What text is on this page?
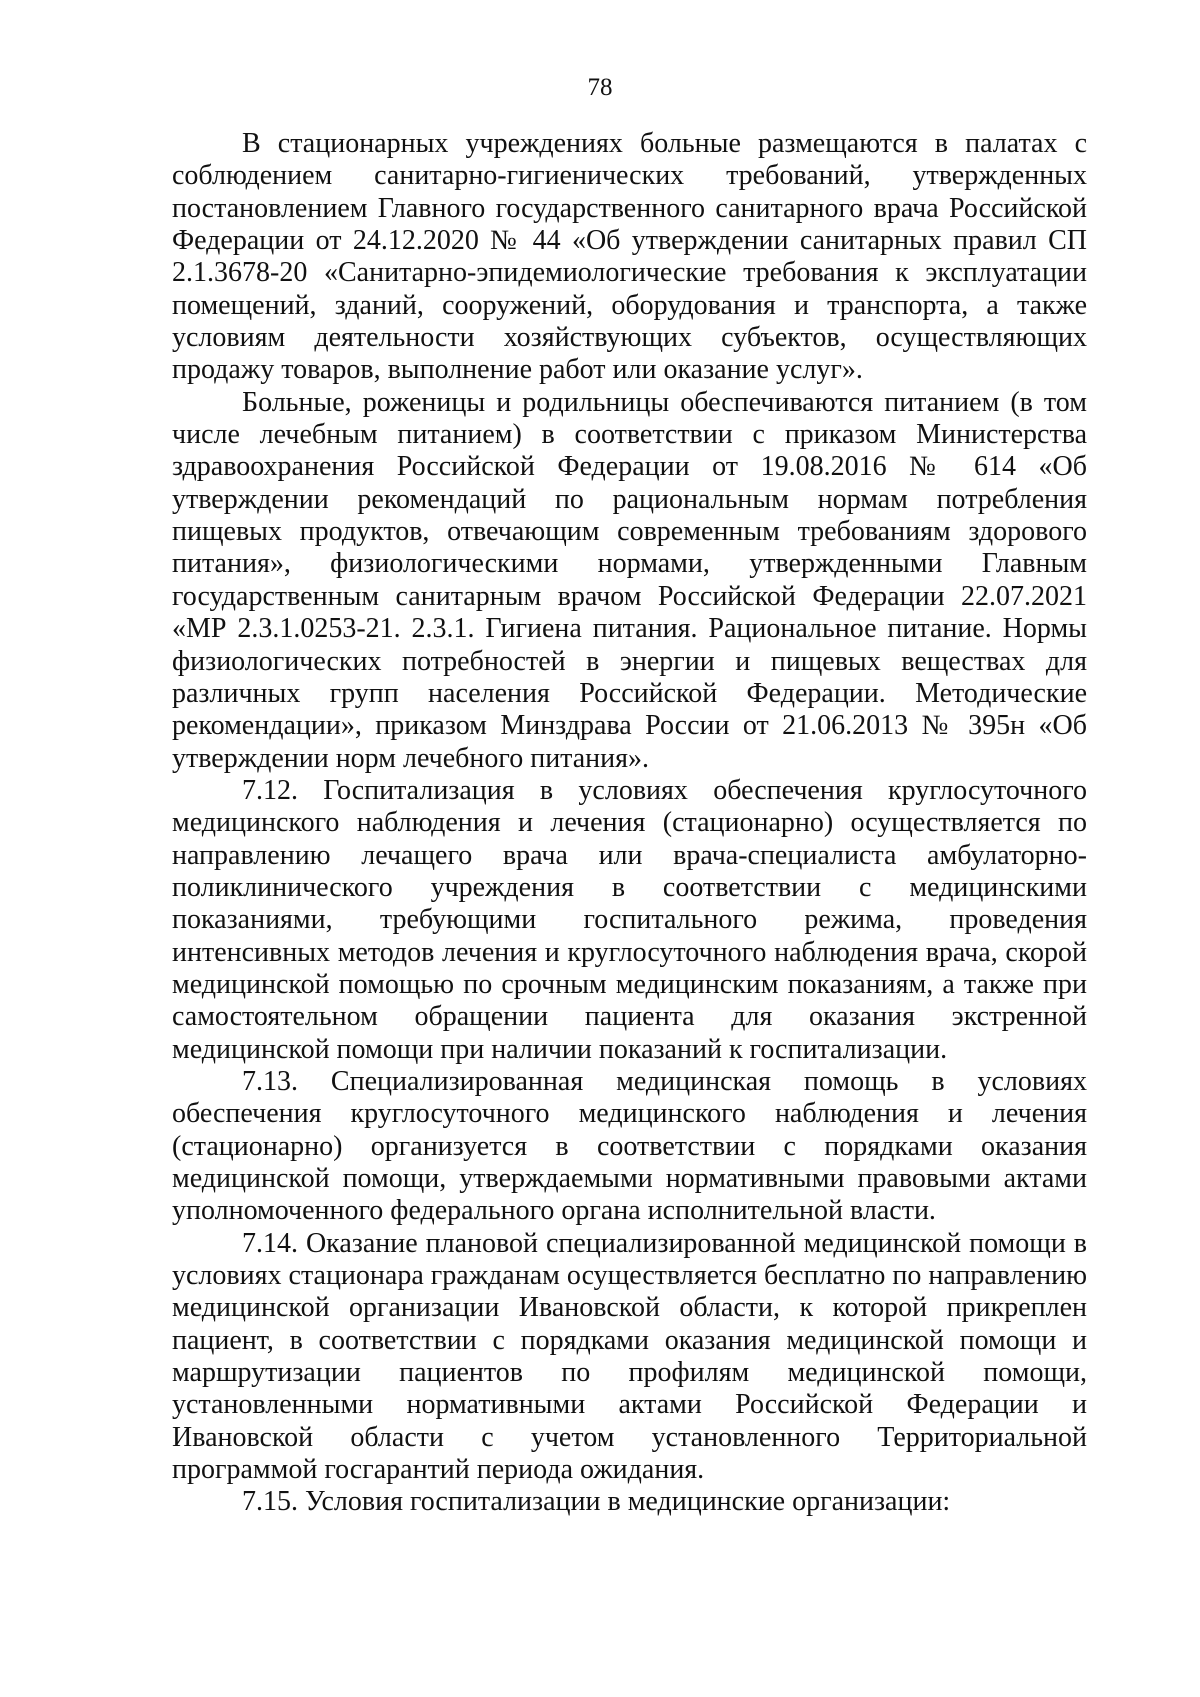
78

В стационарных учреждениях больные размещаются в палатах с соблюдением санитарно-гигиенических требований, утвержденных постановлением Главного государственного санитарного врача Российской Федерации от 24.12.2020 № 44 «Об утверждении санитарных правил СП 2.1.3678-20 «Санитарно-эпидемиологические требования к эксплуатации помещений, зданий, сооружений, оборудования и транспорта, а также условиям деятельности хозяйствующих субъектов, осуществляющих продажу товаров, выполнение работ или оказание услуг».

Больные, роженицы и родильницы обеспечиваются питанием (в том числе лечебным питанием) в соответствии с приказом Министерства здравоохранения Российской Федерации от 19.08.2016 № 614 «Об утверждении рекомендаций по рациональным нормам потребления пищевых продуктов, отвечающим современным требованиям здорового питания», физиологическими нормами, утвержденными Главным государственным санитарным врачом Российской Федерации 22.07.2021 «МР 2.3.1.0253-21. 2.3.1. Гигиена питания. Рациональное питание. Нормы физиологических потребностей в энергии и пищевых веществах для различных групп населения Российской Федерации. Методические рекомендации», приказом Минздрава России от 21.06.2013 № 395н «Об утверждении норм лечебного питания».

7.12. Госпитализация в условиях обеспечения круглосуточного медицинского наблюдения и лечения (стационарно) осуществляется по направлению лечащего врача или врача-специалиста амбулаторно-поликлинического учреждения в соответствии с медицинскими показаниями, требующими госпитального режима, проведения интенсивных методов лечения и круглосуточного наблюдения врача, скорой медицинской помощью по срочным медицинским показаниям, а также при самостоятельном обращении пациента для оказания экстренной медицинской помощи при наличии показаний к госпитализации.

7.13. Специализированная медицинская помощь в условиях обеспечения круглосуточного медицинского наблюдения и лечения (стационарно) организуется в соответствии с порядками оказания медицинской помощи, утверждаемыми нормативными правовыми актами уполномоченного федерального органа исполнительной власти.

7.14. Оказание плановой специализированной медицинской помощи в условиях стационара гражданам осуществляется бесплатно по направлению медицинской организации Ивановской области, к которой прикреплен пациент, в соответствии с порядками оказания медицинской помощи и маршрутизации пациентов по профилям медицинской помощи, установленными нормативными актами Российской Федерации и Ивановской области с учетом установленного Территориальной программой госгарантий периода ожидания.

7.15. Условия госпитализации в медицинские организации:
